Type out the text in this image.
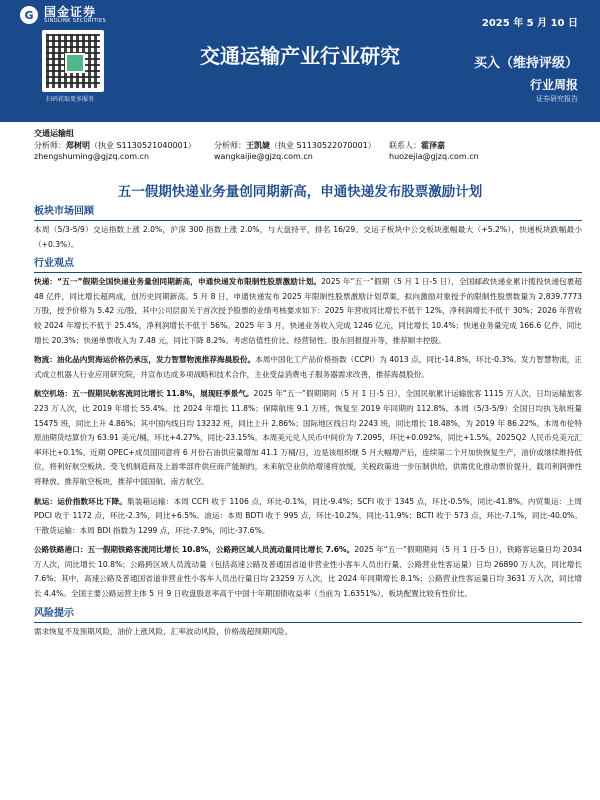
G 国金证券
SINOLINK SECURITIES
扫码获取更多服务
2025 年 5 月 10 日
交通运输产业行业研究	买入（维持评级）
行业周报
证券研究报告
交通运输组
分析师：郑树明（执业 S1130521040001）	分析师：王凯婕（执业 S1130522070001）	联系人：霍泽嘉
zhengshuming@gjzq.com.cn	wangkaijie@gjzq.com.cn	huozejia@gjzq.com.cn
五一假期快递业务量创同期新高，申通快递发布股票激励计划
板块市场回顾
本周（5/3-5/9）交运指数上涨 2.0%，沪深 300 指数上涨 2.0%，与大盘持平，排名 16/29。交运子板块中公交板块涨幅最大（+5.2%），快递板块跌幅最小（+0.3%）。
行业观点
快递：“五一”假期全国快递业务量创同期新高，申通快递发布限制性股票激励计划。2025 年“五一”假期（5 月 1 日-5 日），全国邮政快递业累计揽投快递包裹超 48 亿件，同比增长超两成，创历史同期新高。5 月 8 日，申通快递发布 2025 年限制性股票激励计划草案，拟向激励对象授予的限制性股票数量为 2,839.7773 万股，授予价格为 5.42 元/股，其中公司层面关于首次授予股票的业绩考核要求如下：2025 年营收同比增长不低于 12%，净利润增长不低于 30%；2026 年营收较 2024 年增长不低于 25.4%，净利润增长不低于 56%。2025 年 3 月，快递业务收入完成 1246 亿元，同比增长 10.4%；快递业务量完成 166.6 亿件，同比增长 20.3%；快递单票收入为 7.48 元，同比下降 8.2%。考虑估值性价比、经营韧性、股东回报提升等，推荐顺丰控股。
物流：油化品内贸海运价格仍承压，发力智慧物流推荐海晨股份。本周中国化工产品价格指数（CCPI）为 4013 点，同比-14.8%，环比-0.3%。发力智慧物流，正式成立机器人行业应用研究院，并宣布达成多项战略和技术合作，主业受益消费电子服务器需求改善，推荐海晨股份。
航空机场：五一假期民航客流同比增长 11.8%，展现旺季景气。2025 年“五一”假期期间（5 月 1 日-5 日），全国民航累计运输旅客 1115 万人次，日均运输旅客 223 万人次，比 2019 年增长 55.4%。比 2024 年增长 11.8%；保障航班 9.1 万班，恢复至 2019 年同期的 112.8%。本周（5/3-5/9）全国日均执飞航班量 15475 班，同比上升 4.86%；其中国内线日均 13232 班，同比上升 2.86%；国际地区线日均 2243 班，同比增长 18.48%，为 2019 年 86.22%。本周布伦特原油期货结算价为 63.91 美元/桶，环比+4.27%，同比-23.15%。本周美元兑人民币中间价为 7.2095，环比+0.092%，同比+1.5%。2025Q2 人民币兑美元汇率环比+0.1%。近期 OPEC+成员国同意将 6 月份石油供应量增加 41.1 万桶/日，边是该组织继 5 月大幅增产后，连续第二个月加快恢复生产，油价或继续维持低位，将利好航空板块。受飞机制造商及上游零部件供应商产能制约，未来航空业供给增速将放缓，关税政策进一步压制供给，供需优化推动票价提升，载司利润弹性将释放。推荐航空板块，推荐中国国航、南方航空。
航运：运价指数环比下降。集装箱运输：本周 CCFI 收于 1106 点，环比-0.1%，同比-9.4%；SCFI 收于 1345 点，环比-0.5%，同比-41.8%。内贸集运：上周 PDCI 收于 1172 点，环比-2.3%，同比+6.5%。油运：本周 BDTI 收于 995 点，环比-10.2%，同比-11.9%；BCTI 收于 573 点，环比-7.1%，同比-40.0%。干散货运输：本周 BDI 指数为 1299 点，环比-7.9%，同比-37.6%。
公路铁路港口：五一假期铁路客流同比增长 10.8%，公路跨区域人员流动量同比增长 7.6%。2025 年“五一”假期期间（5 月 1 日-5 日），铁路客运量日均 2034 万人次，同比增长 10.8%；公路跨区域人员流动量（包括高速公路及普通国省道非营业性小客车人员出行量、公路营业性客运量）日均 26890 万人次，同比增长 7.6%；其中，高速公路及普通国省道非营业性小客车人员出行量日均 23259 万人次，比 2024 年同期增长 8.1%；公路营业性客运量日均 3631 万人次，同比增长 4.4%。全国主要公路运营主体 5 月 9 日收盘股息率高于中国十年期国债收益率（当前为 1.6351%），板块配置比较有性价比。
风险提示
需求恢复不及预期风险，油价上涨风险，汇率波动风险，价格战超预期风险。
